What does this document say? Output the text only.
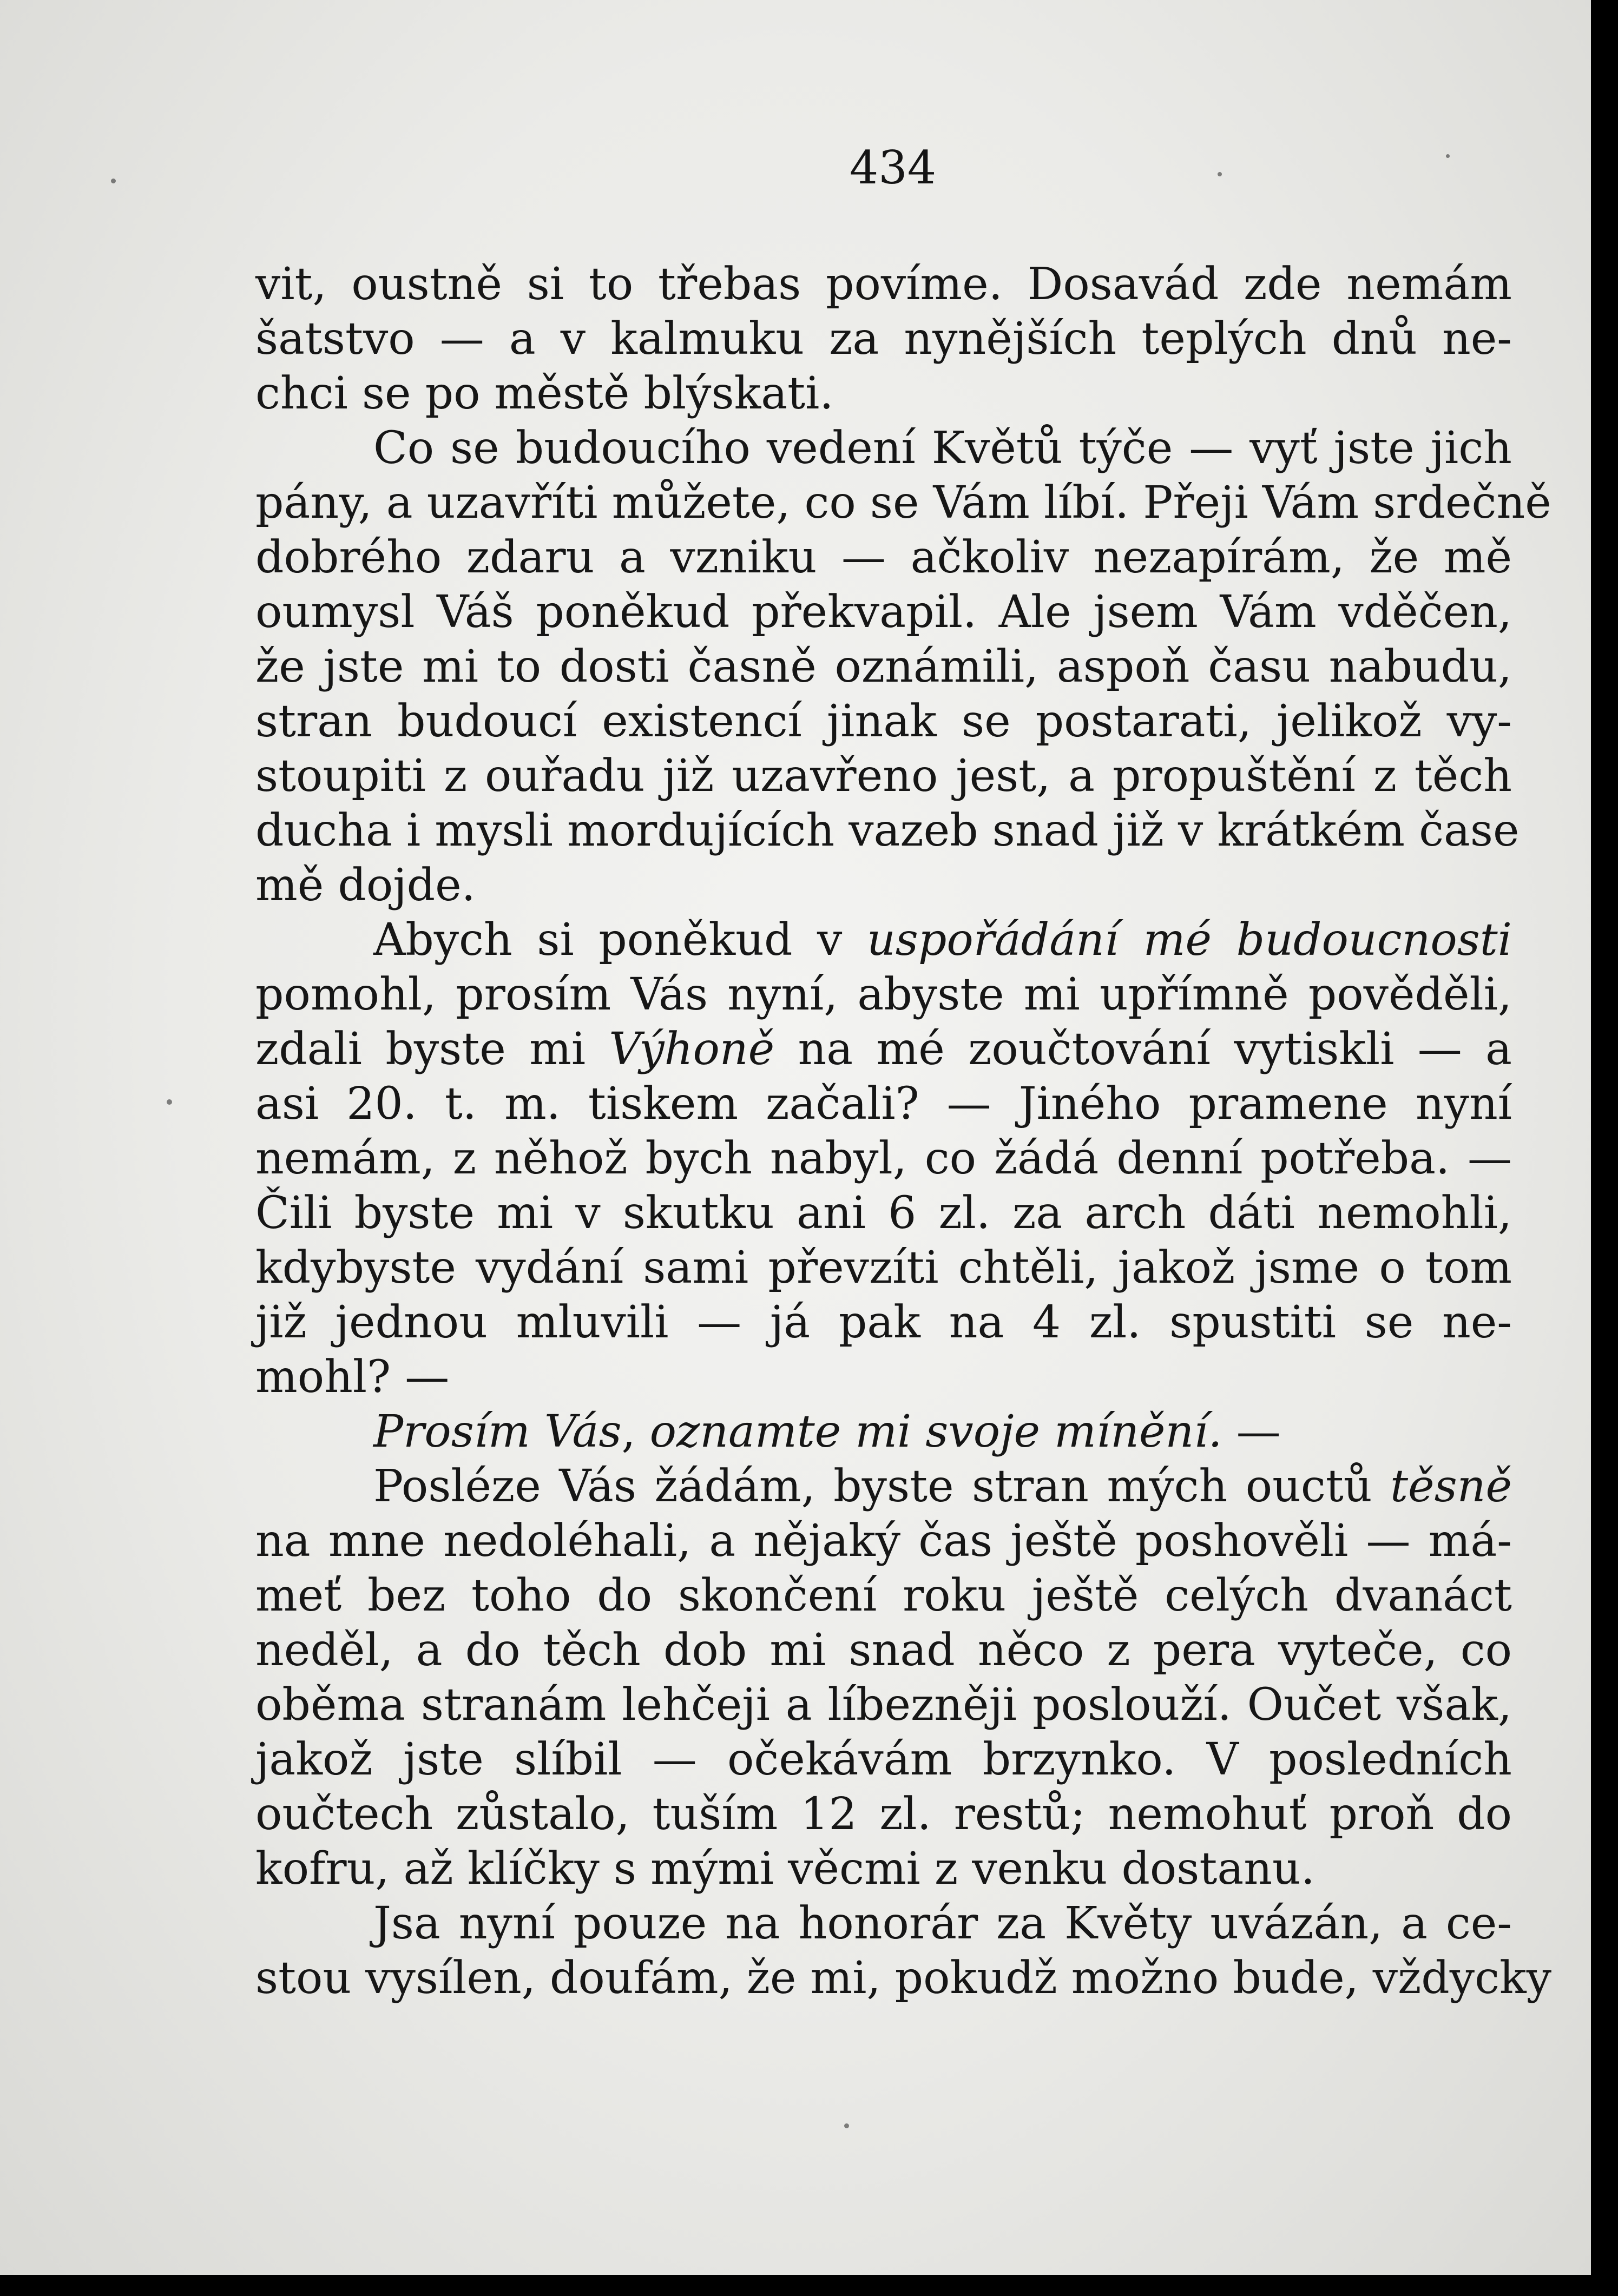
434
vit, oustně si to třebas povíme. Dosavád zde nemám
šatstvo — a v kalmuku za nynějších teplých dnů ne-
chci se po městě blýskati.
Co se budoucího vedení Květů týče — vyť jste jich
pány, a uzavříti můžete, co se Vám líbí. Přeji Vám srdečně
dobrého zdaru a vzniku — ačkoliv nezapírám, že mě
oumysl Váš poněkud překvapil. Ale jsem Vám vděčen,
že jste mi to dosti časně oznámili, aspoň času nabudu,
stran budoucí existencí jinak se postarati, jelikož vy-
stoupiti z ouřadu již uzavřeno jest, a propuštění z těch
ducha i mysli mordujících vazeb snad již v krátkém čase
mě dojde.
Abych si poněkud v uspořádání mé budoucnosti
pomohl, prosím Vás nyní, abyste mi upřímně pověděli,
zdali byste mi Výhoně na mé zoučtování vytiskli — a
asi 20. t. m. tiskem začali? — Jiného pramene nyní
nemám, z něhož bych nabyl, co žádá denní potřeba. —
Čili byste mi v skutku ani 6 zl. za arch dáti nemohli,
kdybyste vydání sami převzíti chtěli, jakož jsme o tom
již jednou mluvili — já pak na 4 zl. spustiti se ne-
mohl? —
Prosím Vás, oznamte mi svoje mínění. —
Posléze Vás žádám, byste stran mých ouctů těsně
na mne nedoléhali, a nějaký čas ještě poshověli — má-
meť bez toho do skončení roku ještě celých dvanáct
neděl, a do těch dob mi snad něco z pera vyteče, co
oběma stranám lehčeji a líbezněji poslouží. Oučet však,
jakož jste slíbil — očekávám brzynko. V posledních
oučtech zůstalo, tuším 12 zl. restů; nemohuť proň do
kofru, až klíčky s mými věcmi z venku dostanu.
Jsa nyní pouze na honorár za Květy uvázán, a ce-
stou vysílen, doufám, že mi, pokudž možno bude, vždycky
